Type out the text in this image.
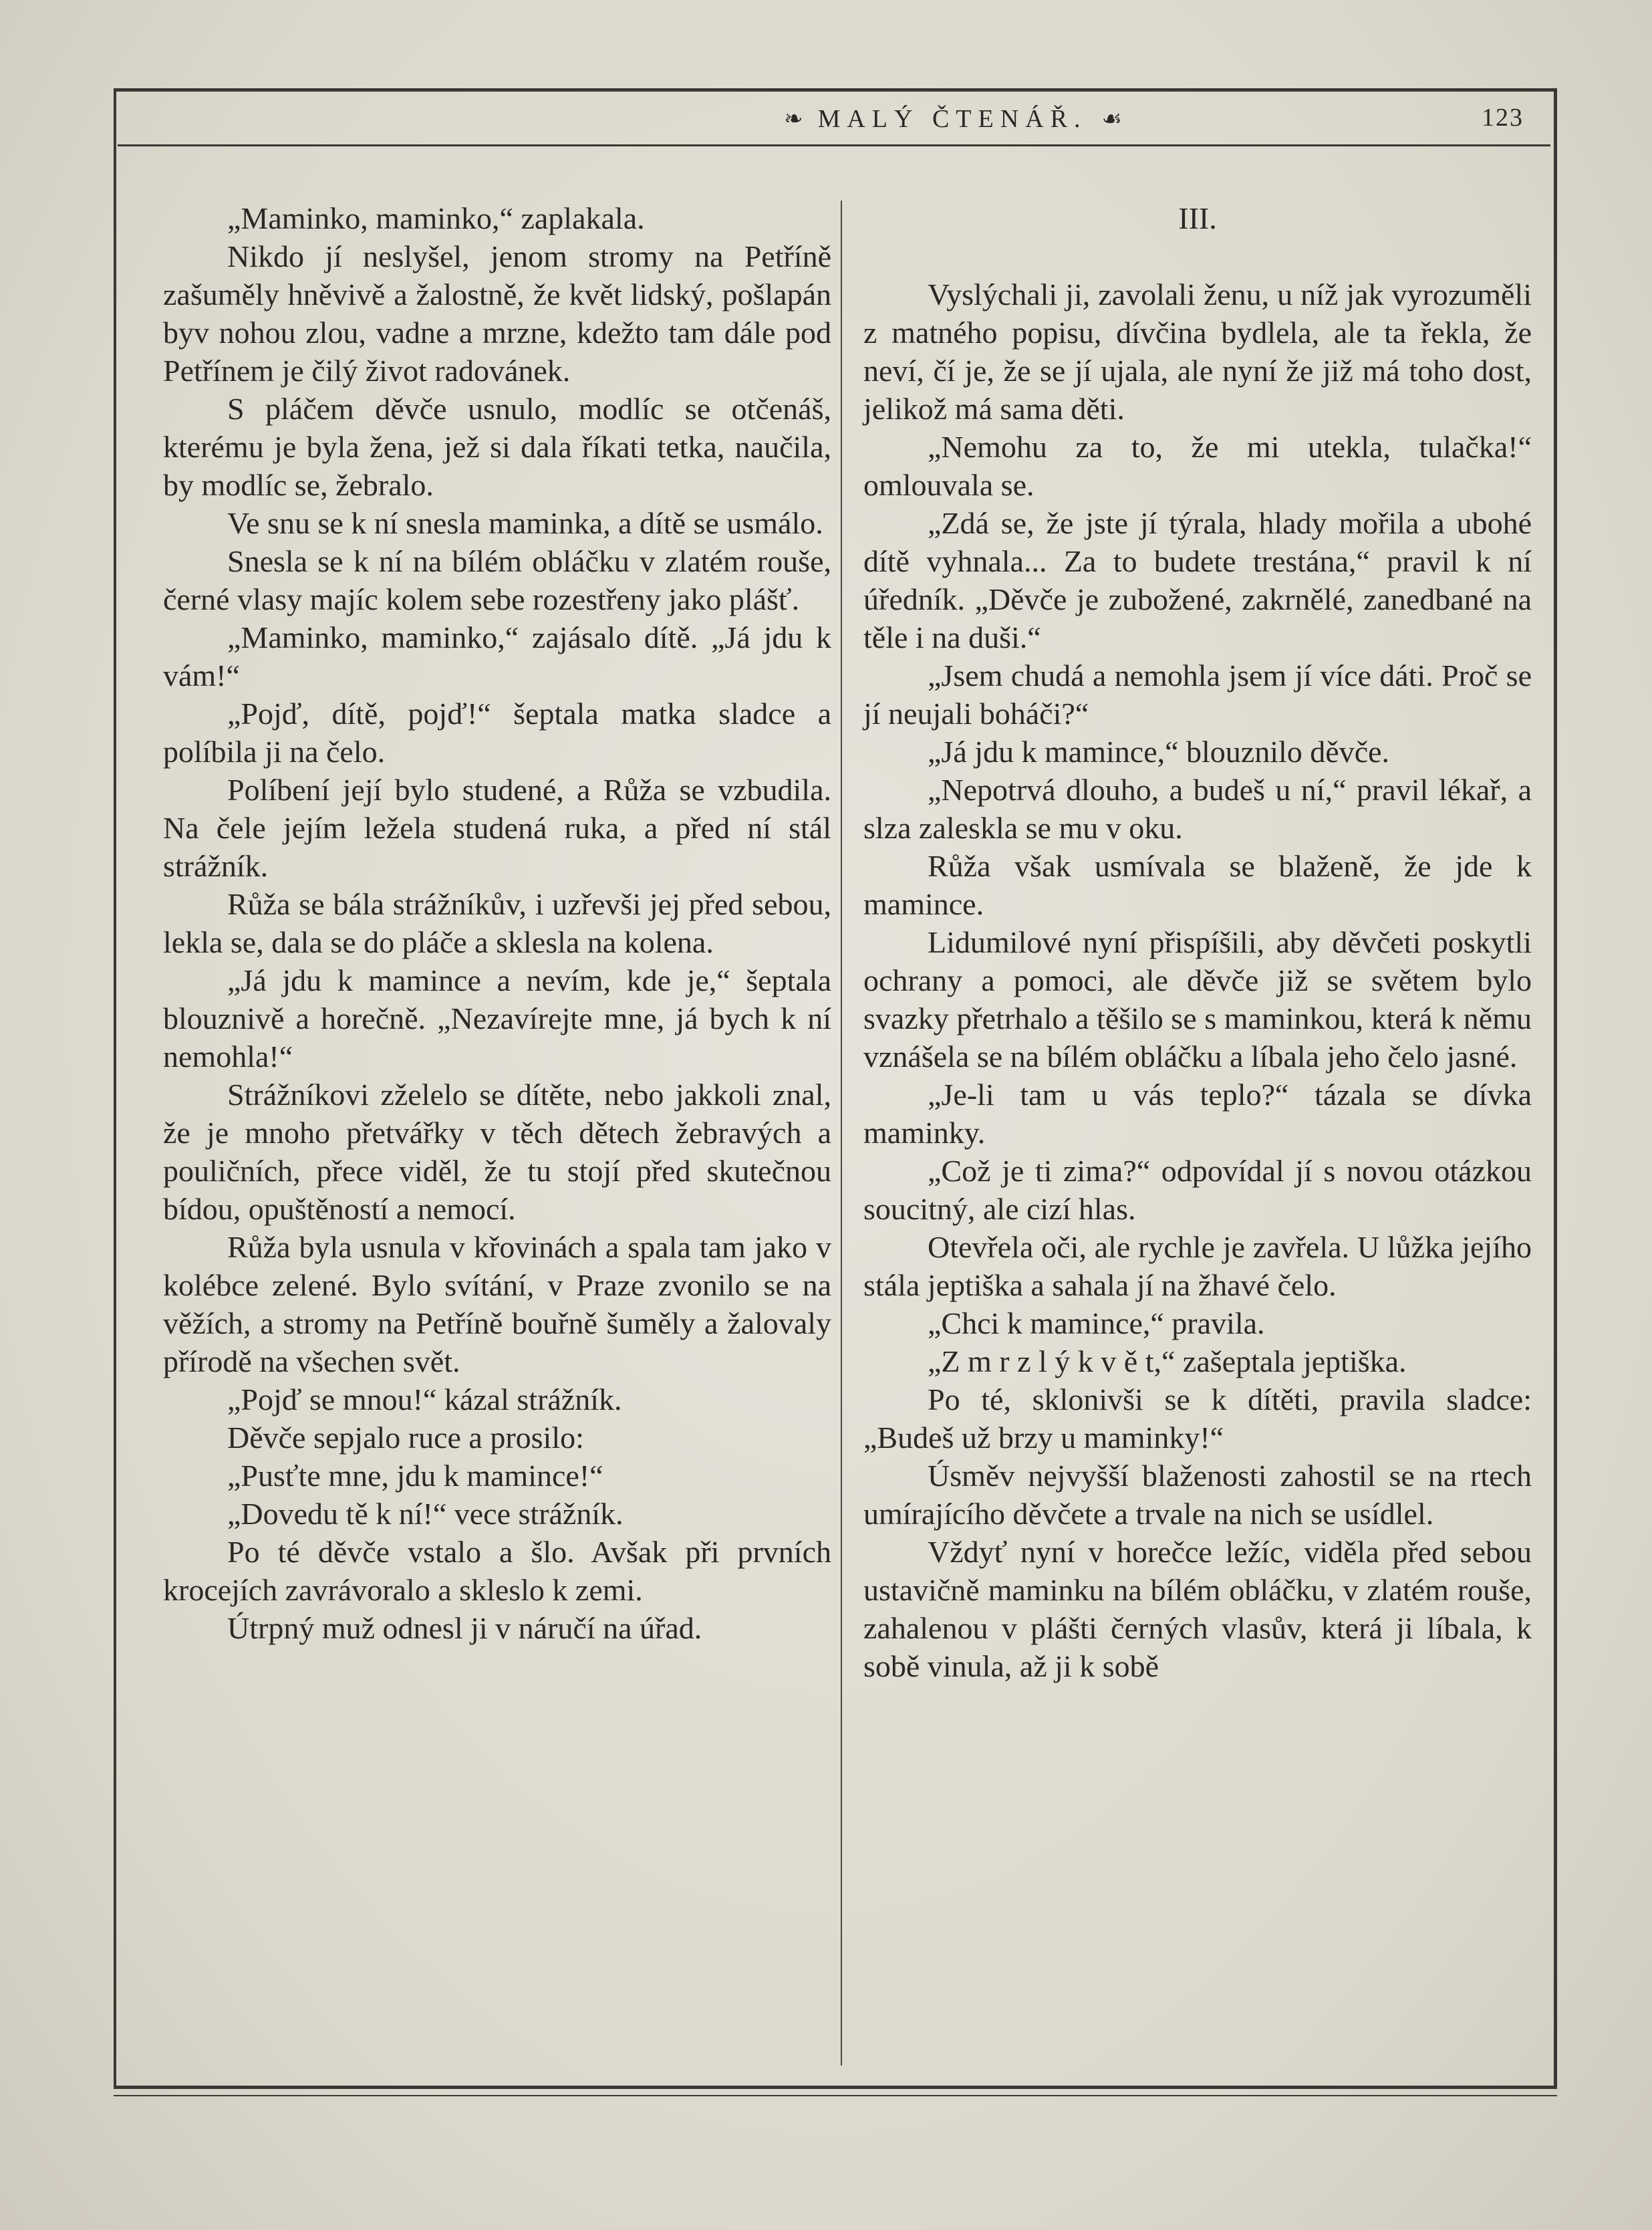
❧ MALÝ ČTENÁŘ. ☙	123

„Maminko, maminko,“ zaplakala.

Nikdo jí neslyšel, jenom stromy na Petříně zašuměly hněvivě a žalostně, že květ lidský, pošlapán byv nohou zlou, vadne a mrzne, kdežto tam dále pod Petřínem je čilý život radovánek.

S pláčem děvče usnulo, modlíc se otčenáš, kterému je byla žena, jež si dala říkati tetka, naučila, by modlíc se, žebralo.

Ve snu se k ní snesla maminka, a dítě se usmálo.

Snesla se k ní na bílém obláčku v zlatém rouše, černé vlasy majíc kolem sebe rozestřeny jako plášť.

„Maminko, maminko,“ zajásalo dítě. „Já jdu k vám!“

„Pojď, dítě, pojď!“ šeptala matka sladce a políbila ji na čelo.

Políbení její bylo studené, a Růža se vzbudila. Na čele jejím ležela studená ruka, a před ní stál strážník.

Růža se bála strážníkův, i uzřevši jej před sebou, lekla se, dala se do pláče a sklesla na kolena.

„Já jdu k mamince a nevím, kde je,“ šeptala blouznivě a horečně. „Nezavírejte mne, já bych k ní nemohla!“

Strážníkovi zželelo se dítěte, nebo jakkoli znal, že je mnoho přetvářky v těch dětech žebravých a pouličních, přece viděl, že tu stojí před skutečnou bídou, opuštěností a nemocí.

Růža byla usnula v křovinách a spala tam jako v kolébce zelené. Bylo svítání, v Praze zvonilo se na věžích, a stromy na Petříně bouřně šuměly a žalovaly přírodě na všechen svět.

„Pojď se mnou!“ kázal strážník.

Děvče sepjalo ruce a prosilo:

„Pusťte mne, jdu k mamince!“

„Dovedu tě k ní!“ vece strážník.

Po té děvče vstalo a šlo. Avšak při prvních krocejích zavrávoralo a skleslo k zemi.

Útrpný muž odnesl ji v náručí na úřad.

III.

Vyslýchali ji, zavolali ženu, u níž jak vyrozuměli z matného popisu, dívčina bydlela, ale ta řekla, že neví, čí je, že se jí ujala, ale nyní že již má toho dost, jelikož má sama děti.

„Nemohu za to, že mi utekla, tulačka!“ omlouvala se.

„Zdá se, že jste jí týrala, hlady mořila a ubohé dítě vyhnala... Za to budete trestána,“ pravil k ní úředník. „Děvče je zubožené, zakrnělé, zanedbané na těle i na duši.“

„Jsem chudá a nemohla jsem jí více dáti. Proč se jí neujali boháči?“

„Já jdu k mamince,“ blouznilo děvče.

„Nepotrvá dlouho, a budeš u ní,“ pravil lékař, a slza zaleskla se mu v oku.

Růža však usmívala se blaženě, že jde k mamince.

Lidumilové nyní přispíšili, aby děvčeti poskytli ochrany a pomoci, ale děvče již se světem bylo svazky přetrhalo a těšilo se s maminkou, která k němu vznášela se na bílém obláčku a líbala jeho čelo jasné.

„Je-li tam u vás teplo?“ tázala se dívka maminky.

„Což je ti zima?“ odpovídal jí s novou otázkou soucitný, ale cizí hlas.

Otevřela oči, ale rychle je zavřela. U lůžka jejího stála jeptiška a sahala jí na žhavé čelo.

„Chci k mamince,“ pravila.

„Z m r z l ý k v ě t,“ zašeptala jeptiška.

Po té, sklonivši se k dítěti, pravila sladce: „Budeš už brzy u maminky!“

Úsměv nejvyšší blaženosti zahostil se na rtech umírajícího děvčete a trvale na nich se usídlel.

Vždyť nyní v horečce ležíc, viděla před sebou ustavičně maminku na bílém obláčku, v zlatém rouše, zahalenou v plášti černých vlasův, která ji líbala, k sobě vinula, až ji k sobě
